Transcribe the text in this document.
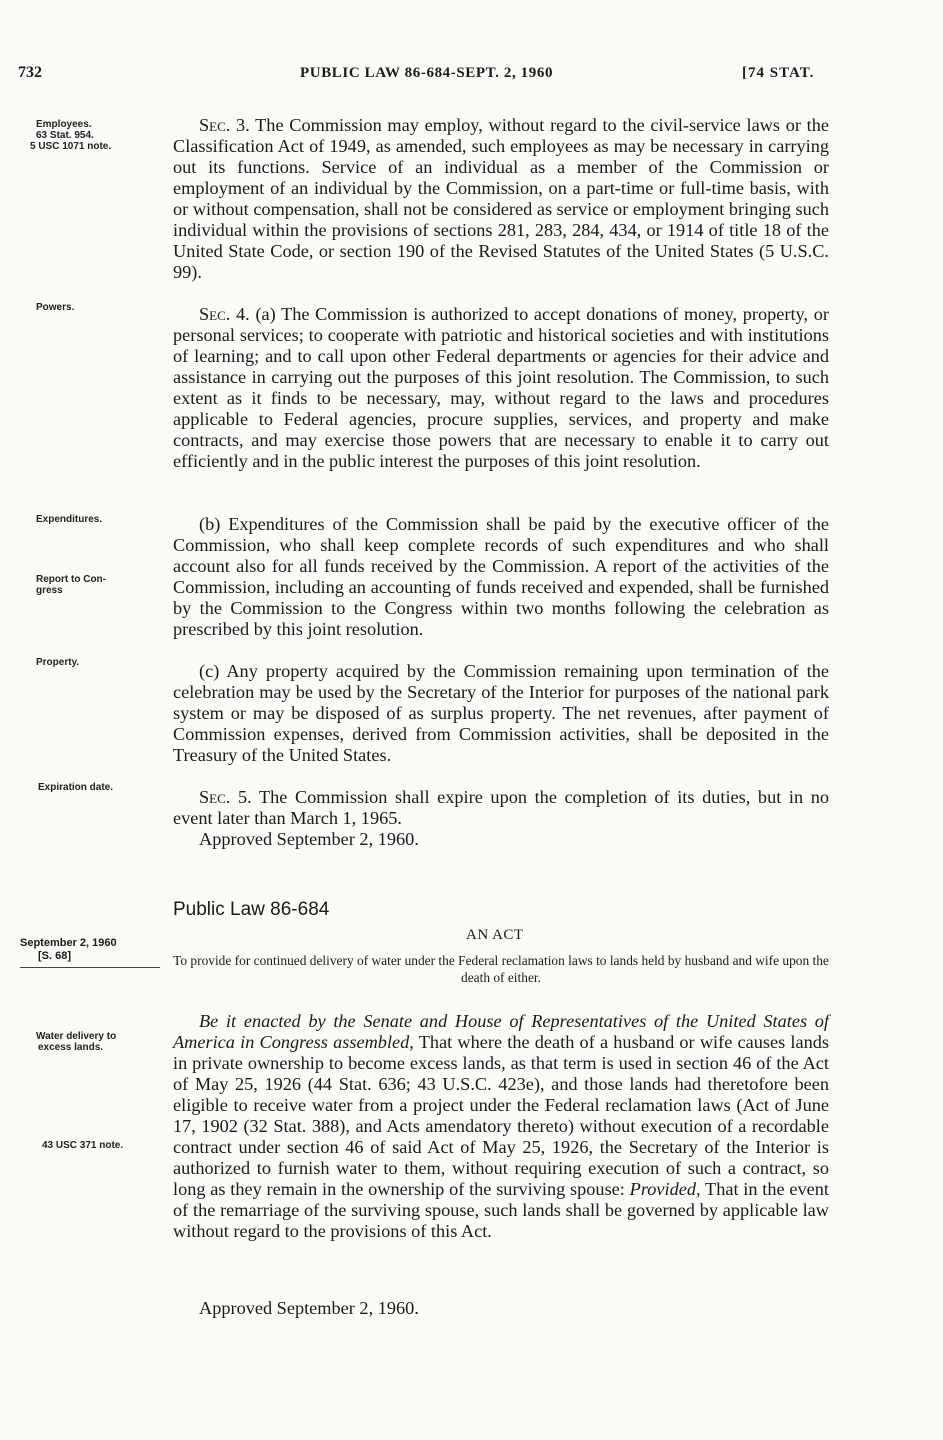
732	PUBLIC LAW 86-684-SEPT. 2, 1960	[74 STAT.
Employees.
63 Stat. 954.
5 USC 1071 note.
Powers.
Expenditures.
Report to Con-
gress
Property.
Expiration date.
Sec. 3. The Commission may employ, without regard to the civil-service laws or the Classification Act of 1949, as amended, such employees as may be necessary in carrying out its functions. Service of an individual as a member of the Commission or employment of an individual by the Commission, on a part-time or full-time basis, with or without compensation, shall not be considered as service or employment bringing such individual within the provisions of sections 281, 283, 284, 434, or 1914 of title 18 of the United State Code, or section 190 of the Revised Statutes of the United States (5 U.S.C. 99).
Sec. 4. (a) The Commission is authorized to accept donations of money, property, or personal services; to cooperate with patriotic and historical societies and with institutions of learning; and to call upon other Federal departments or agencies for their advice and assistance in carrying out the purposes of this joint resolution. The Commission, to such extent as it finds to be necessary, may, without regard to the laws and procedures applicable to Federal agencies, procure supplies, services, and property and make contracts, and may exercise those powers that are necessary to enable it to carry out efficiently and in the public interest the purposes of this joint resolution.
(b) Expenditures of the Commission shall be paid by the executive officer of the Commission, who shall keep complete records of such expenditures and who shall account also for all funds received by the Commission. A report of the activities of the Commission, including an accounting of funds received and expended, shall be furnished by the Commission to the Congress within two months following the celebration as prescribed by this joint resolution.
(c) Any property acquired by the Commission remaining upon termination of the celebration may be used by the Secretary of the Interior for purposes of the national park system or may be disposed of as surplus property. The net revenues, after payment of Commission expenses, derived from Commission activities, shall be deposited in the Treasury of the United States.
Sec. 5. The Commission shall expire upon the completion of its duties, but in no event later than March 1, 1965.
Approved September 2, 1960.
Public Law 86-684
September 2, 1960
[S. 68]
AN ACT
To provide for continued delivery of water under the Federal reclamation laws to lands held by husband and wife upon the death of either.
Water delivery to
excess lands.
43 USC 371 note.
Be it enacted by the Senate and House of Representatives of the United States of America in Congress assembled, That where the death of a husband or wife causes lands in private ownership to become excess lands, as that term is used in section 46 of the Act of May 25, 1926 (44 Stat. 636; 43 U.S.C. 423e), and those lands had theretofore been eligible to receive water from a project under the Federal reclamation laws (Act of June 17, 1902 (32 Stat. 388), and Acts amendatory thereto) without execution of a recordable contract under section 46 of said Act of May 25, 1926, the Secretary of the Interior is authorized to furnish water to them, without requiring execution of such a contract, so long as they remain in the ownership of the surviving spouse: Provided, That in the event of the remarriage of the surviving spouse, such lands shall be governed by applicable law without regard to the provisions of this Act.
Approved September 2, 1960.
